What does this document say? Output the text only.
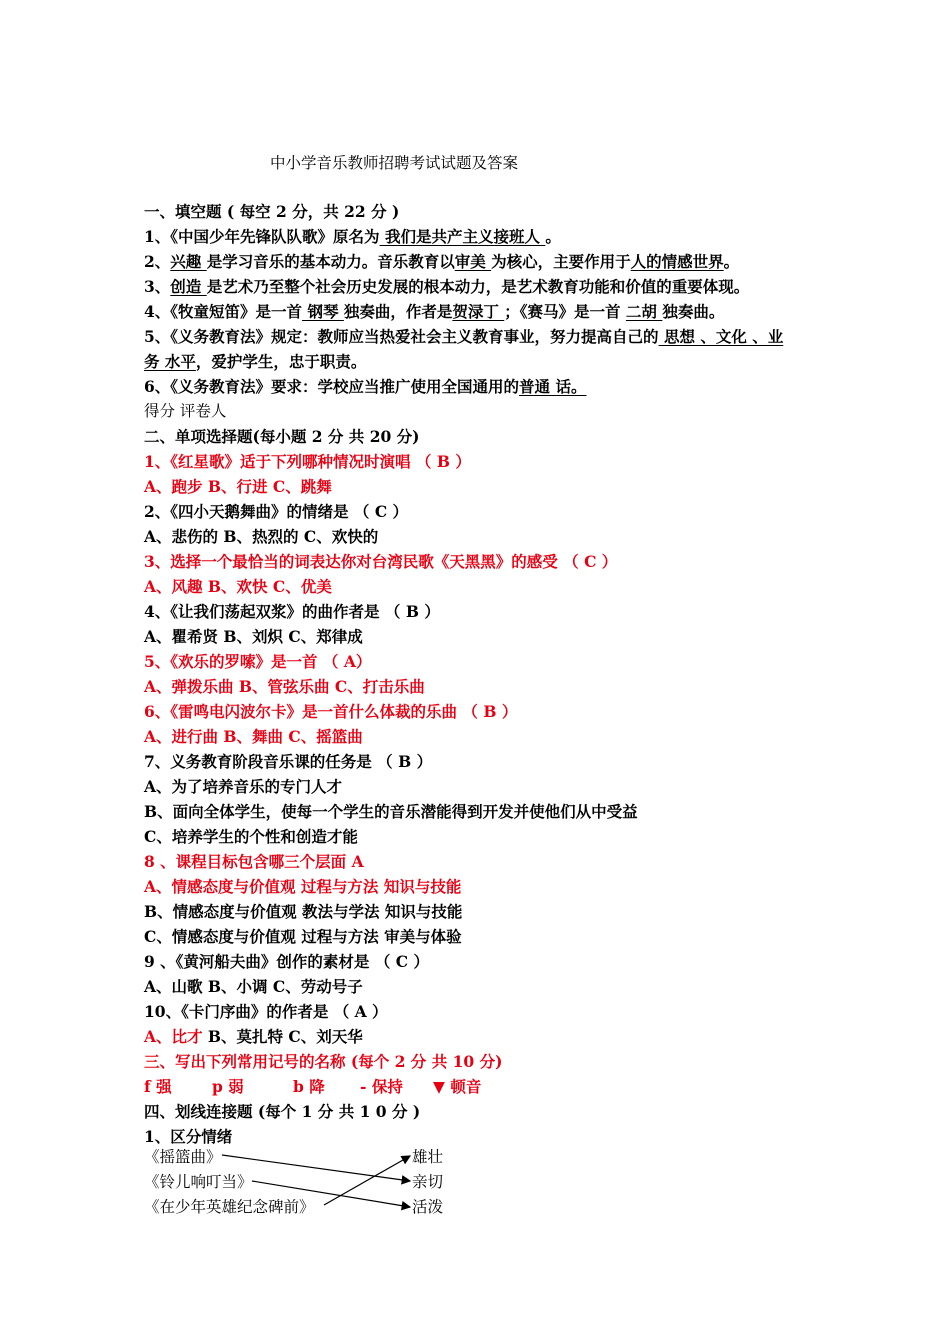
中小学音乐教师招聘考试试题及答案
一、填空题 ( 每空 2 分，共 22 分 )
1、《中国少年先锋队队歌》原名为 我们是共产主义接班人 。
2、兴趣 是学习音乐的基本动力。音乐教育以审美 为核心，主要作用于人的情感世界。
3、创造 是艺术乃至整个社会历史发展的根本动力，是艺术教育功能和价值的重要体现。
4、《牧童短笛》是一首 钢琴 独奏曲，作者是贺渌丁 ；《赛马》是一首 二胡 独奏曲。
5、《义务教育法》规定：教师应当热爱社会主义教育事业，努力提高自己的 思想 、文化 、业
务 水平，爱护学生，忠于职责。
6、《义务教育法》要求：学校应当推广使用全国通用的普通 话。
得分 评卷人
二、单项选择题(每小题 2 分 共 20 分)
1、《红星歌》适于下列哪种情况时演唱 （ B ）
A、跑步 B、行进 C、跳舞
2、《四小天鹅舞曲》的情绪是 （ C ）
A、悲伤的 B、热烈的 C、欢快的
3、选择一个最恰当的词表达你对台湾民歌《天黑黑》的感受 （ C ）
A、风趣 B、欢快 C、优美
4、《让我们荡起双浆》的曲作者是 （ B ）
A、瞿希贤 B、刘炽 C、郑律成
5、《欢乐的罗嗦》是一首 （ A）
A、弹拨乐曲 B、管弦乐曲 C、打击乐曲
6、《雷鸣电闪波尔卡》是一首什么体裁的乐曲 （ B ）
A、进行曲 B、舞曲 C、摇篮曲
7、义务教育阶段音乐课的任务是 （ B ）
A、为了培养音乐的专门人才
B、面向全体学生，使每一个学生的音乐潜能得到开发并使他们从中受益
C、培养学生的个性和创造才能
8 、课程目标包含哪三个层面 A
A、情感态度与价值观 过程与方法 知识与技能
B、情感态度与价值观 教法与学法 知识与技能
C、情感态度与价值观 过程与方法 审美与体验
9 、《黄河船夫曲》创作的素材是 （ C ）
A、山歌 B、小调 C、劳动号子
10、《卡门序曲》的作者是 （ A ）
A、比才 B、莫扎特 C、刘天华
三、写出下列常用记号的名称 (每个 2 分 共 10 分)
f 强	p 弱	b 降 - 保持 ▼ 顿音
四、划线连接题 (每个 1 分 共 1 0 分 )
1、区分情绪
《摇篮曲》
《铃儿响叮当》
《在少年英雄纪念碑前》
雄壮
亲切
活泼
